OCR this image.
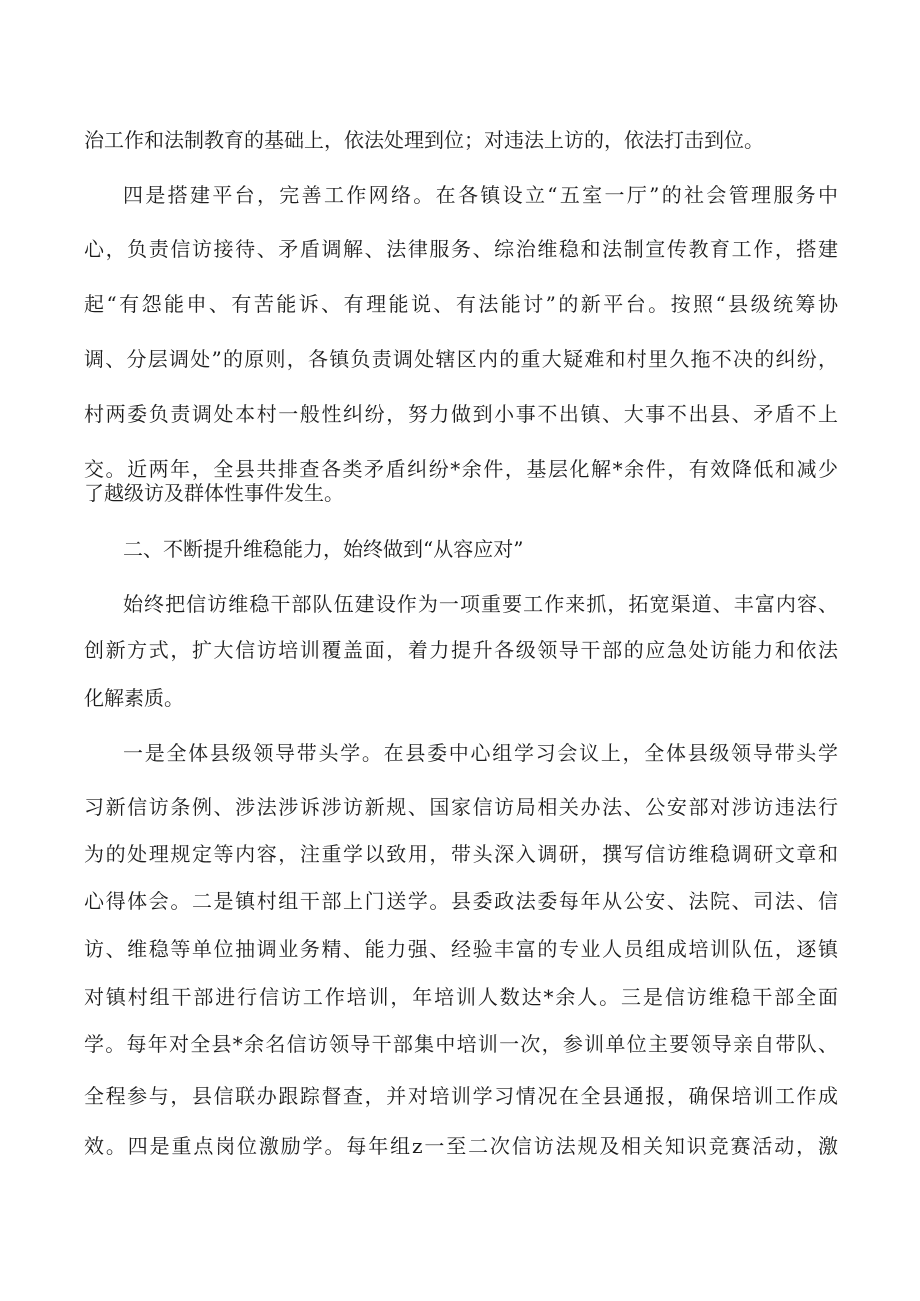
治工作和法制教育的基础上，依法处理到位；对违法上访的，依法打击到位。
四是搭建平台，完善工作网络。在各镇设立“五室一厅”的社会管理服务中
心，负责信访接待、矛盾调解、法律服务、综治维稳和法制宣传教育工作，搭建
起“有怨能申、有苦能诉、有理能说、有法能讨”的新平台。按照“县级统筹协
调、分层调处”的原则，各镇负责调处辖区内的重大疑难和村里久拖不决的纠纷，
村两委负责调处本村一般性纠纷，努力做到小事不出镇、大事不出县、矛盾不上
交。近两年，全县共排查各类矛盾纠纷*余件，基层化解*余件，有效降低和减少
了越级访及群体性事件发生。
二、不断提升维稳能力，始终做到“从容应对”
始终把信访维稳干部队伍建设作为一项重要工作来抓，拓宽渠道、丰富内容、
创新方式，扩大信访培训覆盖面，着力提升各级领导干部的应急处访能力和依法
化解素质。
一是全体县级领导带头学。在县委中心组学习会议上，全体县级领导带头学
习新信访条例、涉法涉诉涉访新规、国家信访局相关办法、公安部对涉访违法行
为的处理规定等内容，注重学以致用，带头深入调研，撰写信访维稳调研文章和
心得体会。二是镇村组干部上门送学。县委政法委每年从公安、法院、司法、信
访、维稳等单位抽调业务精、能力强、经验丰富的专业人员组成培训队伍，逐镇
对镇村组干部进行信访工作培训，年培训人数达*余人。三是信访维稳干部全面
学。每年对全县*余名信访领导干部集中培训一次，参训单位主要领导亲自带队、
全程参与，县信联办跟踪督查，并对培训学习情况在全县通报，确保培训工作成
效。四是重点岗位激励学。每年组z一至二次信访法规及相关知识竞赛活动，激
